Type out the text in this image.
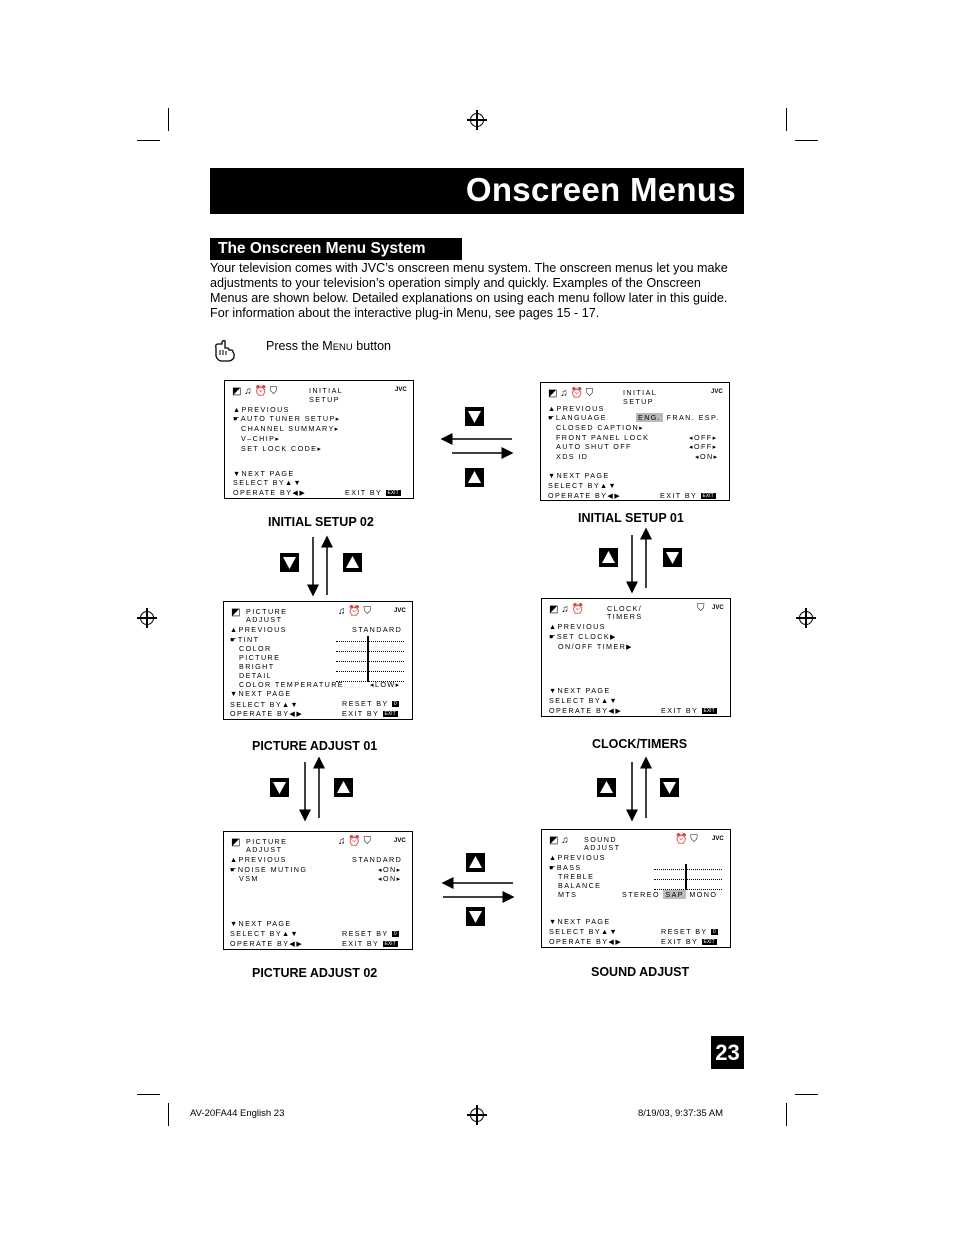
Onscreen Menus
The Onscreen Menu System

Your television comes with JVC’s onscreen menu system. The onscreen menus let you make
adjustments to your television’s operation simply and quickly. Examples of the Onscreen
Menus are shown below. Detailed explanations on using each menu follow later in this guide.
For information about the interactive plug-in Menu, see pages 15 - 17.

Press the MENU button
◩ ♫ ⏰ ⛉	INITIAL
SETUP
JVC
▲PREVIOUS
☛AUTO TUNER SETUP▸
CHANNEL SUMMARY▸
V–CHIP▸
SET LOCK CODE▸
▼NEXT PAGE
SELECT BY▲▼
OPERATE BY◀▶	EXIT BY EXIT
◩ ♫ ⏰ ⛉	INITIAL
SETUP
JVC
▲PREVIOUS
☛LANGUAGE	ENG. FRAN. ESP.
CLOSED CAPTION▸
FRONT PANEL LOCK	◂OFF▸
AUTO SHUT OFF	◂OFF▸
XDS ID	◂ON▸
▼NEXT PAGE
SELECT BY▲▼
OPERATE BY◀▶	EXIT BY EXIT
◩	♫ ⏰ ⛉
PICTURE
ADJUST
JVC
▲PREVIOUS	STANDARD
☛TINT
COLOR
PICTURE
BRIGHT
DETAIL
COLOR TEMPERATURE	◂LOW▸
▼NEXT PAGE
SELECT BY▲▼	RESET BY 0
OPERATE BY◀▶	EXIT BY EXIT
◩ ♫ ⏰	⛉
CLOCK/
TIMERS
JVC
▲PREVIOUS
☛SET CLOCK▶
ON/OFF TIMER▶
▼NEXT PAGE
SELECT BY▲▼
OPERATE BY◀▶	EXIT BY EXIT
◩	♫ ⏰ ⛉
PICTURE
ADJUST
JVC
▲PREVIOUS	STANDARD
☛NOISE MUTING	◂ON▸
VSM	◂ON▸
▼NEXT PAGE
SELECT BY▲▼	RESET BY 0
OPERATE BY◀▶	EXIT BY EXIT
◩ ♫	⏰ ⛉
SOUND
ADJUST
JVC
▲PREVIOUS
☛BASS
TREBLE
BALANCE
MTS	STEREO SAP MONO
▼NEXT PAGE
SELECT BY▲▼	RESET BY 0
OPERATE BY◀▶	EXIT BY EXIT
INITIAL SETUP 02	INITIAL SETUP 01
PICTURE ADJUST 01	CLOCK/TIMERS
PICTURE ADJUST 02	SOUND ADJUST
23
AV-20FA44 English 23	8/19/03, 9:37:35 AM
